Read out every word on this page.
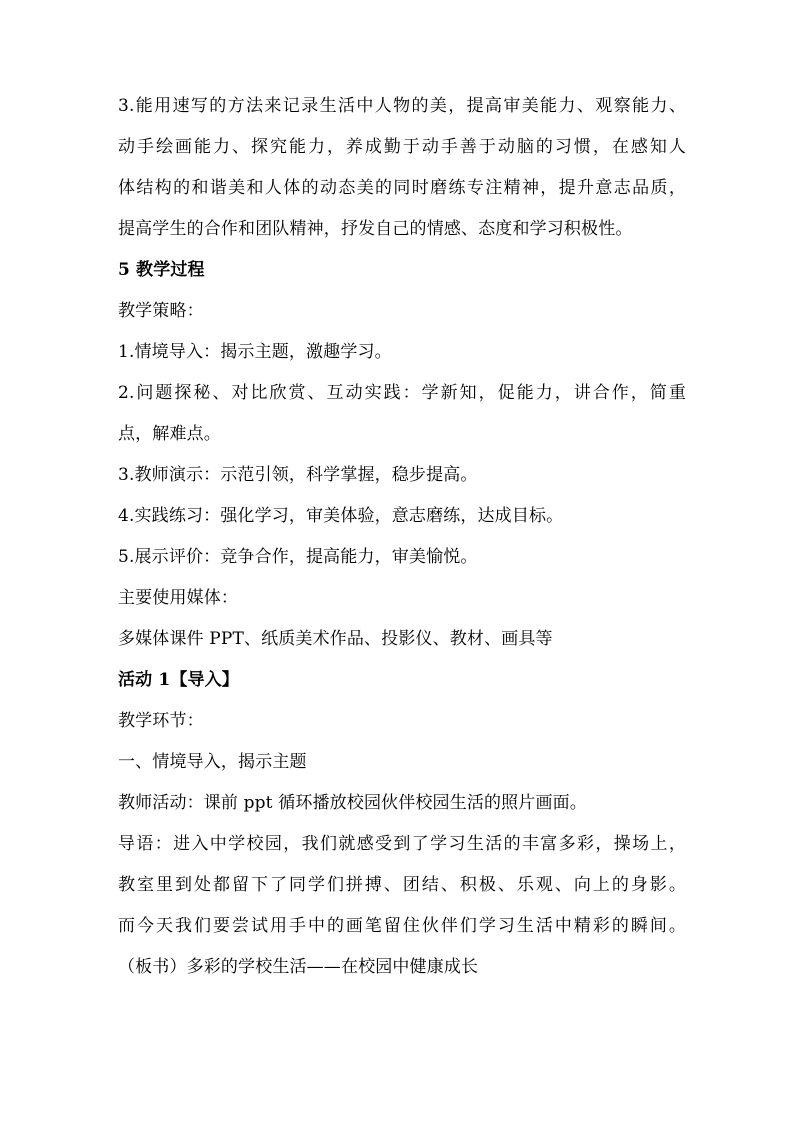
3.能用速写的方法来记录生活中人物的美，提高审美能力、观察能力、
动手绘画能力、探究能力，养成勤于动手善于动脑的习惯，在感知人
体结构的和谐美和人体的动态美的同时磨练专注精神，提升意志品质，
提高学生的合作和团队精神，抒发自己的情感、态度和学习积极性。
5 教学过程
教学策略：
1.情境导入：揭示主题，激趣学习。
2.问题探秘、对比欣赏、互动实践：学新知，促能力，讲合作，简重
点，解难点。
3.教师演示：示范引领，科学掌握，稳步提高。
4.实践练习：强化学习，审美体验，意志磨练，达成目标。
5.展示评价：竞争合作，提高能力，审美愉悦。
主要使用媒体：
多媒体课件 PPT、纸质美术作品、投影仪、教材、画具等
活动 1【导入】
教学环节：
一、情境导入，揭示主题
教师活动：课前 ppt 循环播放校园伙伴校园生活的照片画面。
导语：进入中学校园，我们就感受到了学习生活的丰富多彩，操场上，
教室里到处都留下了同学们拼搏、团结、积极、乐观、向上的身影。
而今天我们要尝试用手中的画笔留住伙伴们学习生活中精彩的瞬间。
（板书）多彩的学校生活——在校园中健康成长
